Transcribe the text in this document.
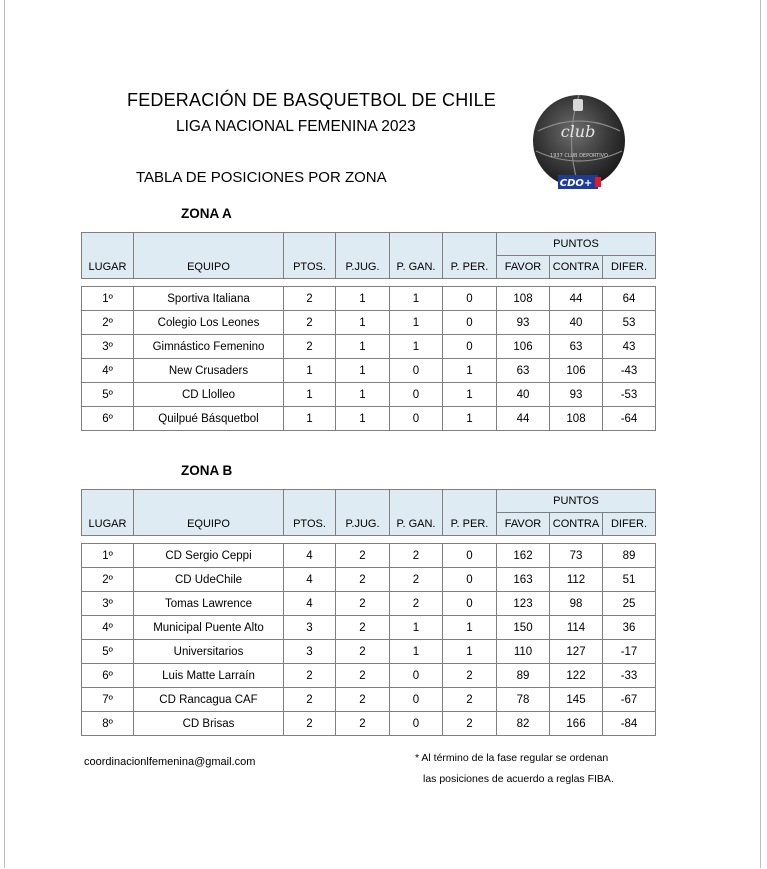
FEDERACIÓN DE BASQUETBOL DE CHILE
LIGA NACIONAL FEMENINA 2023
TABLA DE POSICIONES POR ZONA
club
1937 CLUB DEPORTIVO
CDO+
ZONA A
						PUNTOS		
LUGAR	EQUIPO	PTOS.	P.JUG.	P. GAN.	P. PER.	FAVOR	CONTRA	DIFER.

1º	Sportiva Italiana	2	1	1	0	108	44	64
2º	Colegio Los Leones	2	1	1	0	93	40	53
3º	Gimnástico Femenino	2	1	1	0	106	63	43
4º	New Crusaders	1	1	0	1	63	106	-43
5º	CD Llolleo	1	1	0	1	40	93	-53
6º	Quilpué Básquetbol	1	1	0	1	44	108	-64
ZONA B
						PUNTOS		
LUGAR	EQUIPO	PTOS.	P.JUG.	P. GAN.	P. PER.	FAVOR	CONTRA	DIFER.

1º	CD Sergio Ceppi	4	2	2	0	162	73	89
2º	CD UdeChile	4	2	2	0	163	112	51
3º	Tomas Lawrence	4	2	2	0	123	98	25
4º	Municipal Puente Alto	3	2	1	1	150	114	36
5º	Universitarios	3	2	1	1	110	127	-17
6º	Luis Matte Larraín	2	2	0	2	89	122	-33
7º	CD Rancagua CAF	2	2	0	2	78	145	-67
8º	CD Brisas	2	2	0	2	82	166	-84
coordinacionlfemenina@gmail.com	* Al término de la fase regular se ordenan
las posiciones de acuerdo a reglas FIBA.
